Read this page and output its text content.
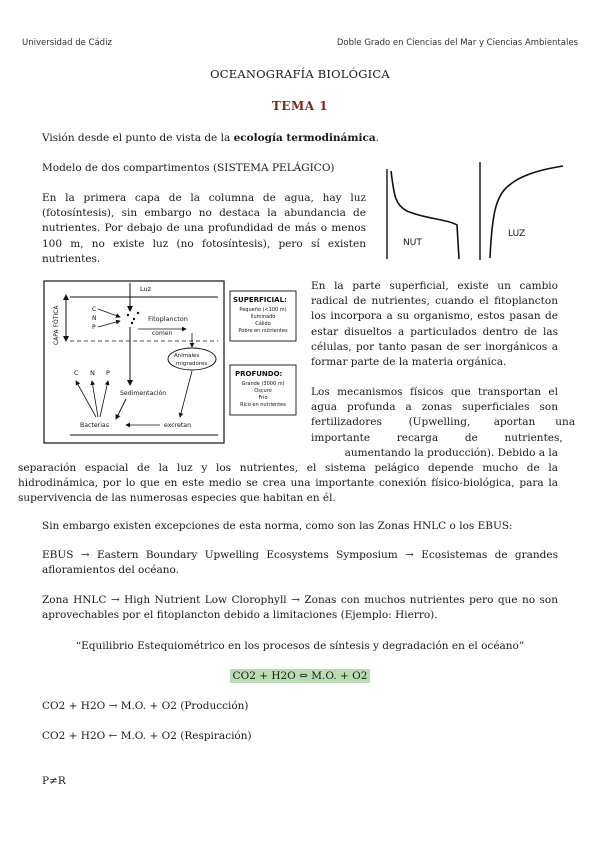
Universidad de Cádiz	Doble Grado en Ciencias del Mar y Ciencias Ambientales
OCEANOGRAFÍA BIOLÓGICA
TEMA 1

Visión desde el punto de vista de la ecología termodinámica.

Modelo de dos compartimentos (SISTEMA PELÁGICO)

En la primera capa de la columna de agua, hay luz (fotosíntesis), sin embargo no destaca la abundancia de nutrientes. Por debajo de una profundidad de más o menos 100 m, no existe luz (no fotosíntesis), pero sí existen nutrientes.

NUT
LUZ
CAPA FÓTICA
Luz
C
N
P
Fitoplancton
comen
Animales
migradores
Sedimentación
C N P
Bacterias	excretan
SUPERFICIAL:
Pequeño (<100 m)
Iluminado
Cálido
Pobre en nutrientes
PROFUNDO:
Grande (3000 m)
Oscuro
Frío
Rico en nutrientes

En la parte superficial, existe un cambio

radical de nutrientes, cuando el fitoplancton

los incorpora a su organismo, estos pasan de

estar disueltos a particulados dentro de las

células, por tanto pasan de ser inorgánicos a

formar parte de la materia orgánica.

Los mecanismos físicos que transportan el

agua profunda a zonas superficiales son

fertilizadores        (Upwelling,       aportan      una

importante        recarga        de        nutrientes,

aumentando la producción). Debido a la

separación espacial de la luz y los nutrientes, el sistema pelágico depende mucho de la hidrodinámica, por lo que en este medio se crea una importante conexión físico-biológica, para la supervivencia de las numerosas especies que habitan en él.

Sin embargo existen excepciones de esta norma, como son las Zonas HNLC o los EBUS:

EBUS → Eastern Boundary Upwelling Ecosystems Symposium → Ecosistemas de grandes afloramientos del océano.

Zona HNLC → High Nutrient Low Clorophyll → Zonas con muchos nutrientes pero que no son aprovechables por el fitoplancton debido a limitaciones (Ejemplo: Hierro).

“Equilibrio Estequiométrico en los procesos de síntesis y degradación en el océano”

CO2 + H2O ⇔ M.O. + O2

CO2 + H2O → M.O. + O2 (Producción)

CO2 + H2O ← M.O. + O2 (Respiración)

P≠R
